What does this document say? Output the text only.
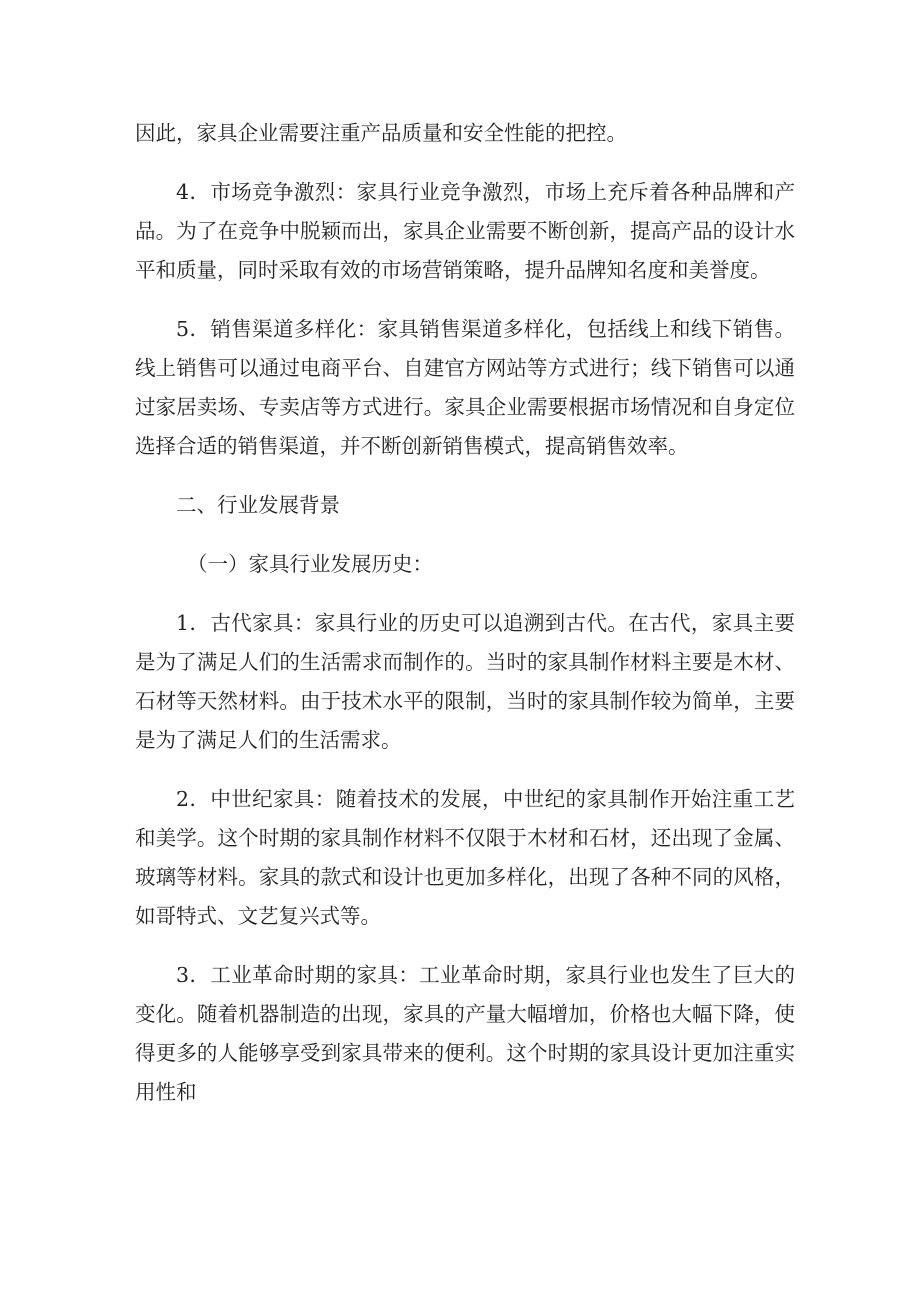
因此，家具企业需要注重产品质量和安全性能的把控。

4．市场竞争激烈：家具行业竞争激烈，市场上充斥着各种品牌和产品。为了在竞争中脱颖而出，家具企业需要不断创新，提高产品的设计水平和质量，同时采取有效的市场营销策略，提升品牌知名度和美誉度。

5．销售渠道多样化：家具销售渠道多样化，包括线上和线下销售。线上销售可以通过电商平台、自建官方网站等方式进行；线下销售可以通过家居卖场、专卖店等方式进行。家具企业需要根据市场情况和自身定位选择合适的销售渠道，并不断创新销售模式，提高销售效率。

二、行业发展背景

（一）家具行业发展历史：

1．古代家具：家具行业的历史可以追溯到古代。在古代，家具主要是为了满足人们的生活需求而制作的。当时的家具制作材料主要是木材、石材等天然材料。由于技术水平的限制，当时的家具制作较为简单，主要是为了满足人们的生活需求。

2．中世纪家具：随着技术的发展，中世纪的家具制作开始注重工艺和美学。这个时期的家具制作材料不仅限于木材和石材，还出现了金属、玻璃等材料。家具的款式和设计也更加多样化，出现了各种不同的风格，如哥特式、文艺复兴式等。

3．工业革命时期的家具：工业革命时期，家具行业也发生了巨大的变化。随着机器制造的出现，家具的产量大幅增加，价格也大幅下降，使得更多的人能够享受到家具带来的便利。这个时期的家具设计更加注重实用性和
